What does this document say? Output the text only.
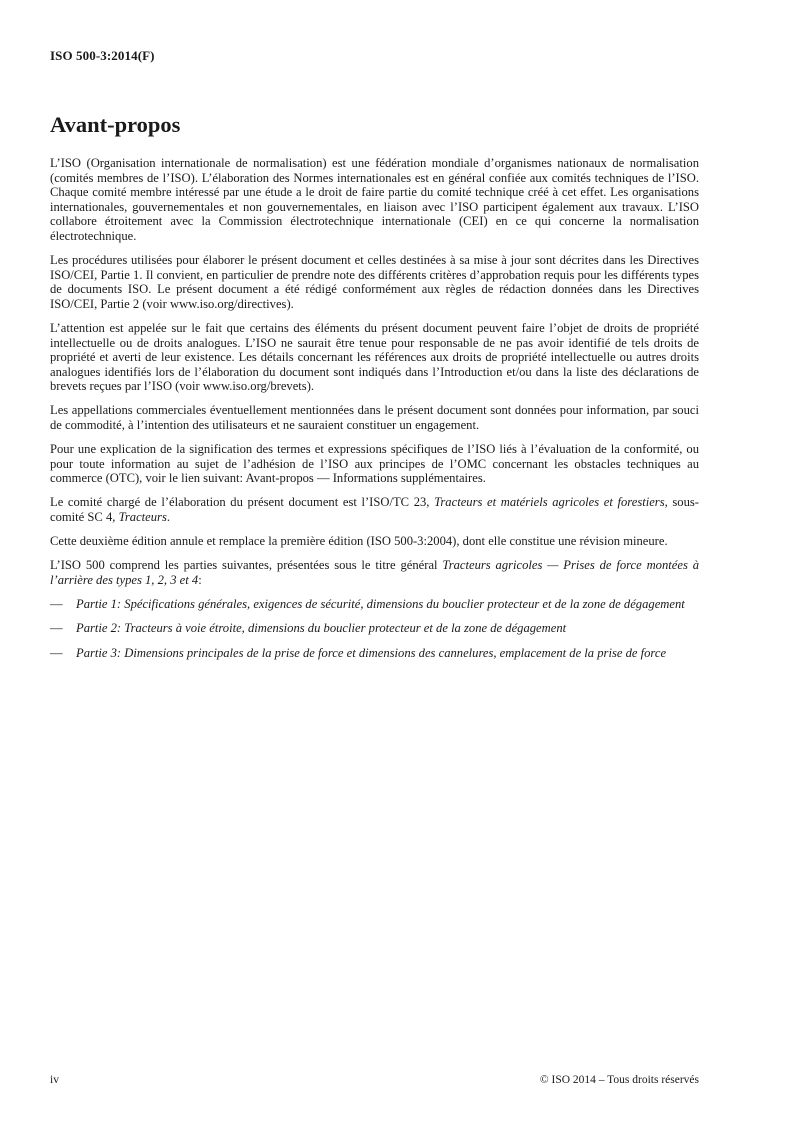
ISO 500-3:2014(F)
Avant-propos

L’ISO (Organisation internationale de normalisation) est une fédération mondiale d’organismes nationaux de normalisation (comités membres de l’ISO). L’élaboration des Normes internationales est en général confiée aux comités techniques de l’ISO. Chaque comité membre intéressé par une étude a le droit de faire partie du comité technique créé à cet effet. Les organisations internationales, gouvernementales et non gouvernementales, en liaison avec l’ISO participent également aux travaux. L’ISO collabore étroitement avec la Commission électrotechnique internationale (CEI) en ce qui concerne la normalisation électrotechnique.

Les procédures utilisées pour élaborer le présent document et celles destinées à sa mise à jour sont décrites dans les Directives ISO/CEI, Partie 1. Il convient, en particulier de prendre note des différents critères d’approbation requis pour les différents types de documents ISO. Le présent document a été rédigé conformément aux règles de rédaction données dans les Directives ISO/CEI, Partie 2 (voir www.iso.org/directives).

L’attention est appelée sur le fait que certains des éléments du présent document peuvent faire l’objet de droits de propriété intellectuelle ou de droits analogues. L’ISO ne saurait être tenue pour responsable de ne pas avoir identifié de tels droits de propriété et averti de leur existence. Les détails concernant les références aux droits de propriété intellectuelle ou autres droits analogues identifiés lors de l’élaboration du document sont indiqués dans l’Introduction et/ou dans la liste des déclarations de brevets reçues par l’ISO (voir www.iso.org/brevets).

Les appellations commerciales éventuellement mentionnées dans le présent document sont données pour information, par souci de commodité, à l’intention des utilisateurs et ne sauraient constituer un engagement.

Pour une explication de la signification des termes et expressions spécifiques de l’ISO liés à l’évaluation de la conformité, ou pour toute information au sujet de l’adhésion de l’ISO aux principes de l’OMC concernant les obstacles techniques au commerce (OTC), voir le lien suivant: Avant-propos — Informations supplémentaires.

Le comité chargé de l’élaboration du présent document est l’ISO/TC 23, Tracteurs et matériels agricoles et forestiers, sous-comité SC 4, Tracteurs.

Cette deuxième édition annule et remplace la première édition (ISO 500-3:2004), dont elle constitue une révision mineure.

L’ISO 500 comprend les parties suivantes, présentées sous le titre général Tracteurs agricoles — Prises de force montées à l’arrière des types 1, 2, 3 et 4:

— Partie 1: Spécifications générales, exigences de sécurité, dimensions du bouclier protecteur et de la zone de dégagement
— Partie 2: Tracteurs à voie étroite, dimensions du bouclier protecteur et de la zone de dégagement
— Partie 3: Dimensions principales de la prise de force et dimensions des cannelures, emplacement de la prise de force
iv	© ISO 2014 – Tous droits réservés
